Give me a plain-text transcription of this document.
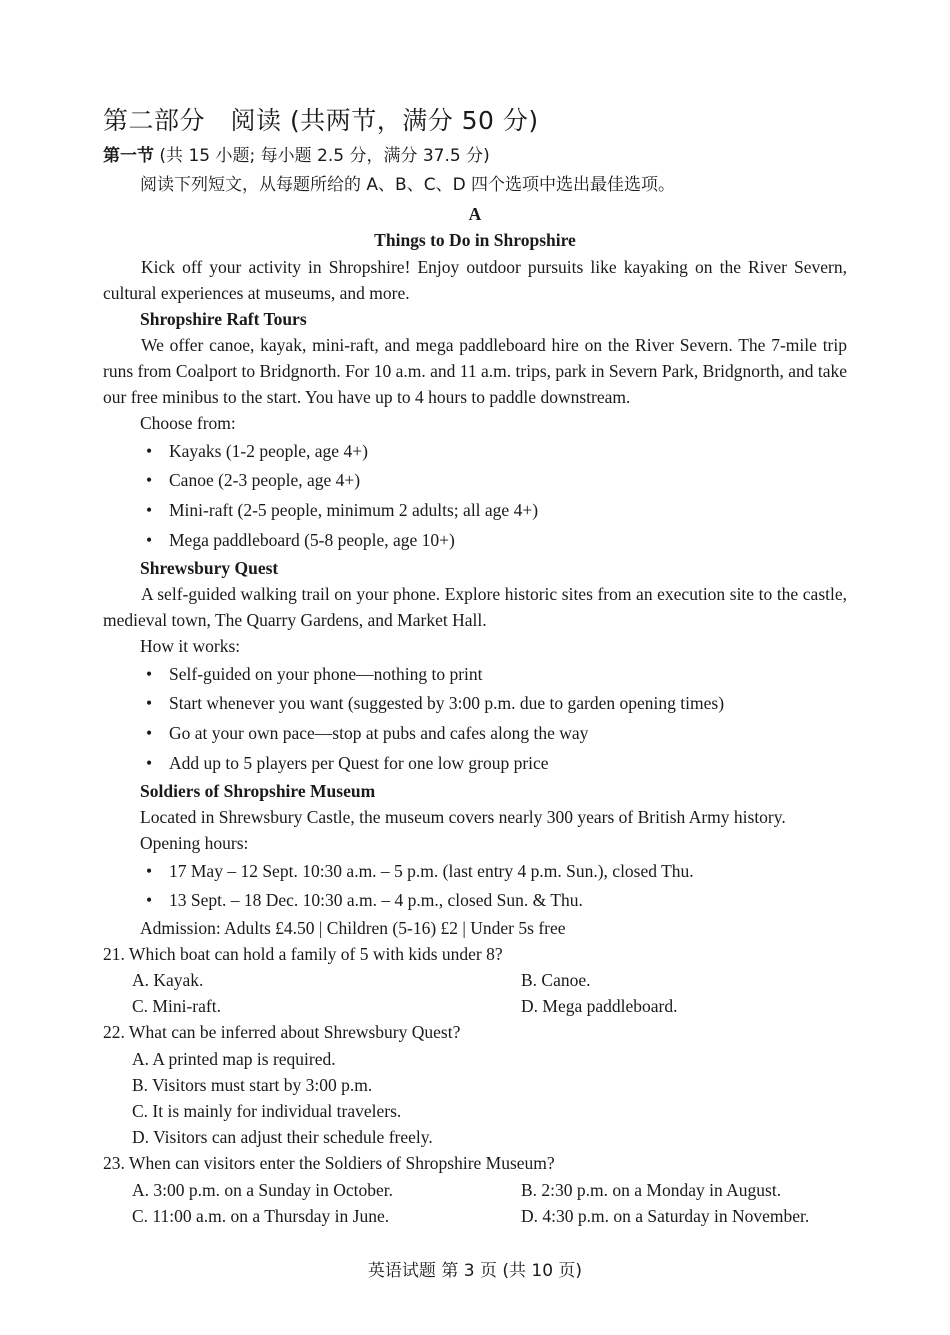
第二部分　阅读 (共两节，满分 50 分)
第一节 (共 15 小题; 每小题 2.5 分，满分 37.5 分)
阅读下列短文，从每题所给的 A、B、C、D 四个选项中选出最佳选项。
A
Things to Do in Shropshire
Kick off your activity in Shropshire! Enjoy outdoor pursuits like kayaking on the River Severn, cultural experiences at museums, and more.
Shropshire Raft Tours
We offer canoe, kayak, mini-raft, and mega paddleboard hire on the River Severn. The 7-mile trip runs from Coalport to Bridgnorth. For 10 a.m. and 11 a.m. trips, park in Severn Park, Bridgnorth, and take our free minibus to the start. You have up to 4 hours to paddle downstream.
Choose from:
• Kayaks (1-2 people, age 4+)
• Canoe (2-3 people, age 4+)
• Mini-raft (2-5 people, minimum 2 adults; all age 4+)
• Mega paddleboard (5-8 people, age 10+)
Shrewsbury Quest
A self-guided walking trail on your phone. Explore historic sites from an execution site to the castle, medieval town, The Quarry Gardens, and Market Hall.
How it works:
• Self-guided on your phone—nothing to print
• Start whenever you want (suggested by 3:00 p.m. due to garden opening times)
• Go at your own pace—stop at pubs and cafes along the way
• Add up to 5 players per Quest for one low group price
Soldiers of Shropshire Museum
Located in Shrewsbury Castle, the museum covers nearly 300 years of British Army history.
Opening hours:
• 17 May – 12 Sept. 10:30 a.m. – 5 p.m. (last entry 4 p.m. Sun.), closed Thu.
• 13 Sept. – 18 Dec. 10:30 a.m. – 4 p.m., closed Sun. & Thu.
Admission: Adults £4.50 | Children (5-16) £2 | Under 5s free
21. Which boat can hold a family of 5 with kids under 8?
A. Kayak.	B. Canoe.
C. Mini-raft.	D. Mega paddleboard.
22. What can be inferred about Shrewsbury Quest?
A. A printed map is required.
B. Visitors must start by 3:00 p.m.
C. It is mainly for individual travelers.
D. Visitors can adjust their schedule freely.
23. When can visitors enter the Soldiers of Shropshire Museum?
A. 3:00 p.m. on a Sunday in October.	B. 2:30 p.m. on a Monday in August.
C. 11:00 a.m. on a Thursday in June.	D. 4:30 p.m. on a Saturday in November.
英语试题 第 3 页 (共 10 页)
